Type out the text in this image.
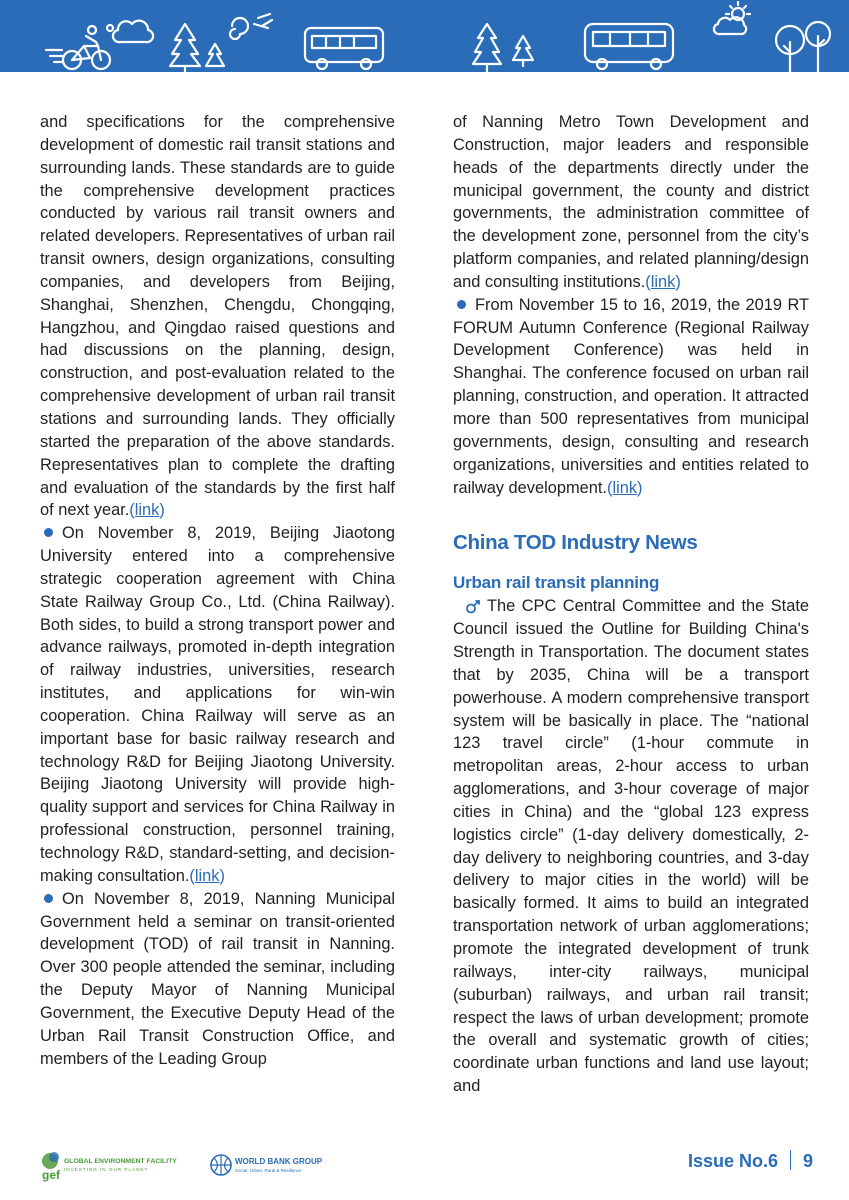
and specifications for the comprehensive development of domestic rail transit stations and surrounding lands. These standards are to guide the comprehensive development practices conducted by various rail transit owners and related developers. Representatives of urban rail transit owners, design organizations, consulting companies, and developers from Beijing, Shanghai, Shenzhen, Chengdu, Chongqing, Hangzhou, and Qingdao raised questions and had discussions on the planning, design, construction, and post-evaluation related to the comprehensive development of urban rail transit stations and surrounding lands. They officially started the preparation of the above standards. Representatives plan to complete the drafting and evaluation of the standards by the first half of next year.(link)

On November 8, 2019, Beijing Jiaotong University entered into a comprehensive strategic cooperation agreement with China State Railway Group Co., Ltd. (China Railway). Both sides, to build a strong transport power and advance railways, promoted in-depth integration of railway industries, universities, research institutes, and applications for win-win cooperation. China Railway will serve as an important base for basic railway research and technology R&D for Beijing Jiaotong University. Beijing Jiaotong University will provide high-quality support and services for China Railway in professional construction, personnel training, technology R&D, standard-setting, and decision-making consultation.(link)

On November 8, 2019, Nanning Municipal Government held a seminar on transit-oriented development (TOD) of rail transit in Nanning. Over 300 people attended the seminar, including the Deputy Mayor of Nanning Municipal Government, the Executive Deputy Head of the Urban Rail Transit Construction Office, and members of the Leading Group

of Nanning Metro Town Development and Construction, major leaders and responsible heads of the departments directly under the municipal government, the county and district governments, the administration committee of the development zone, personnel from the city’s platform companies, and related planning/design and consulting institutions.(link)

From November 15 to 16, 2019, the 2019 RT FORUM Autumn Conference (Regional Railway Development Conference) was held in Shanghai. The conference focused on urban rail planning, construction, and operation. It attracted more than 500 representatives from municipal governments, design, consulting and research organizations, universities and entities related to railway development.(link)

China TOD Industry News
Urban rail transit planning

The CPC Central Committee and the State Council issued the Outline for Building China's Strength in Transportation. The document states that by 2035, China will be a transport powerhouse. A modern comprehensive transport system will be basically in place. The “national 123 travel circle” (1-hour commute in metropolitan areas, 2-hour access to urban agglomerations, and 3-hour coverage of major cities in China) and the “global 123 express logistics circle” (1-day delivery domestically, 2-day delivery to neighboring countries, and 3-day delivery to major cities in the world) will be basically formed. It aims to build an integrated transportation network of urban agglomerations; promote the integrated development of trunk railways, inter-city railways, municipal (suburban) railways, and urban rail transit; respect the laws of urban development; promote the overall and systematic growth of cities; coordinate urban functions and land use layout; and

gef
GLOBAL ENVIRONMENT FACILITY
INVESTING IN OUR PLANET
WORLD BANK GROUP
Social, Urban, Rural & Resilience	Issue No.6 9
